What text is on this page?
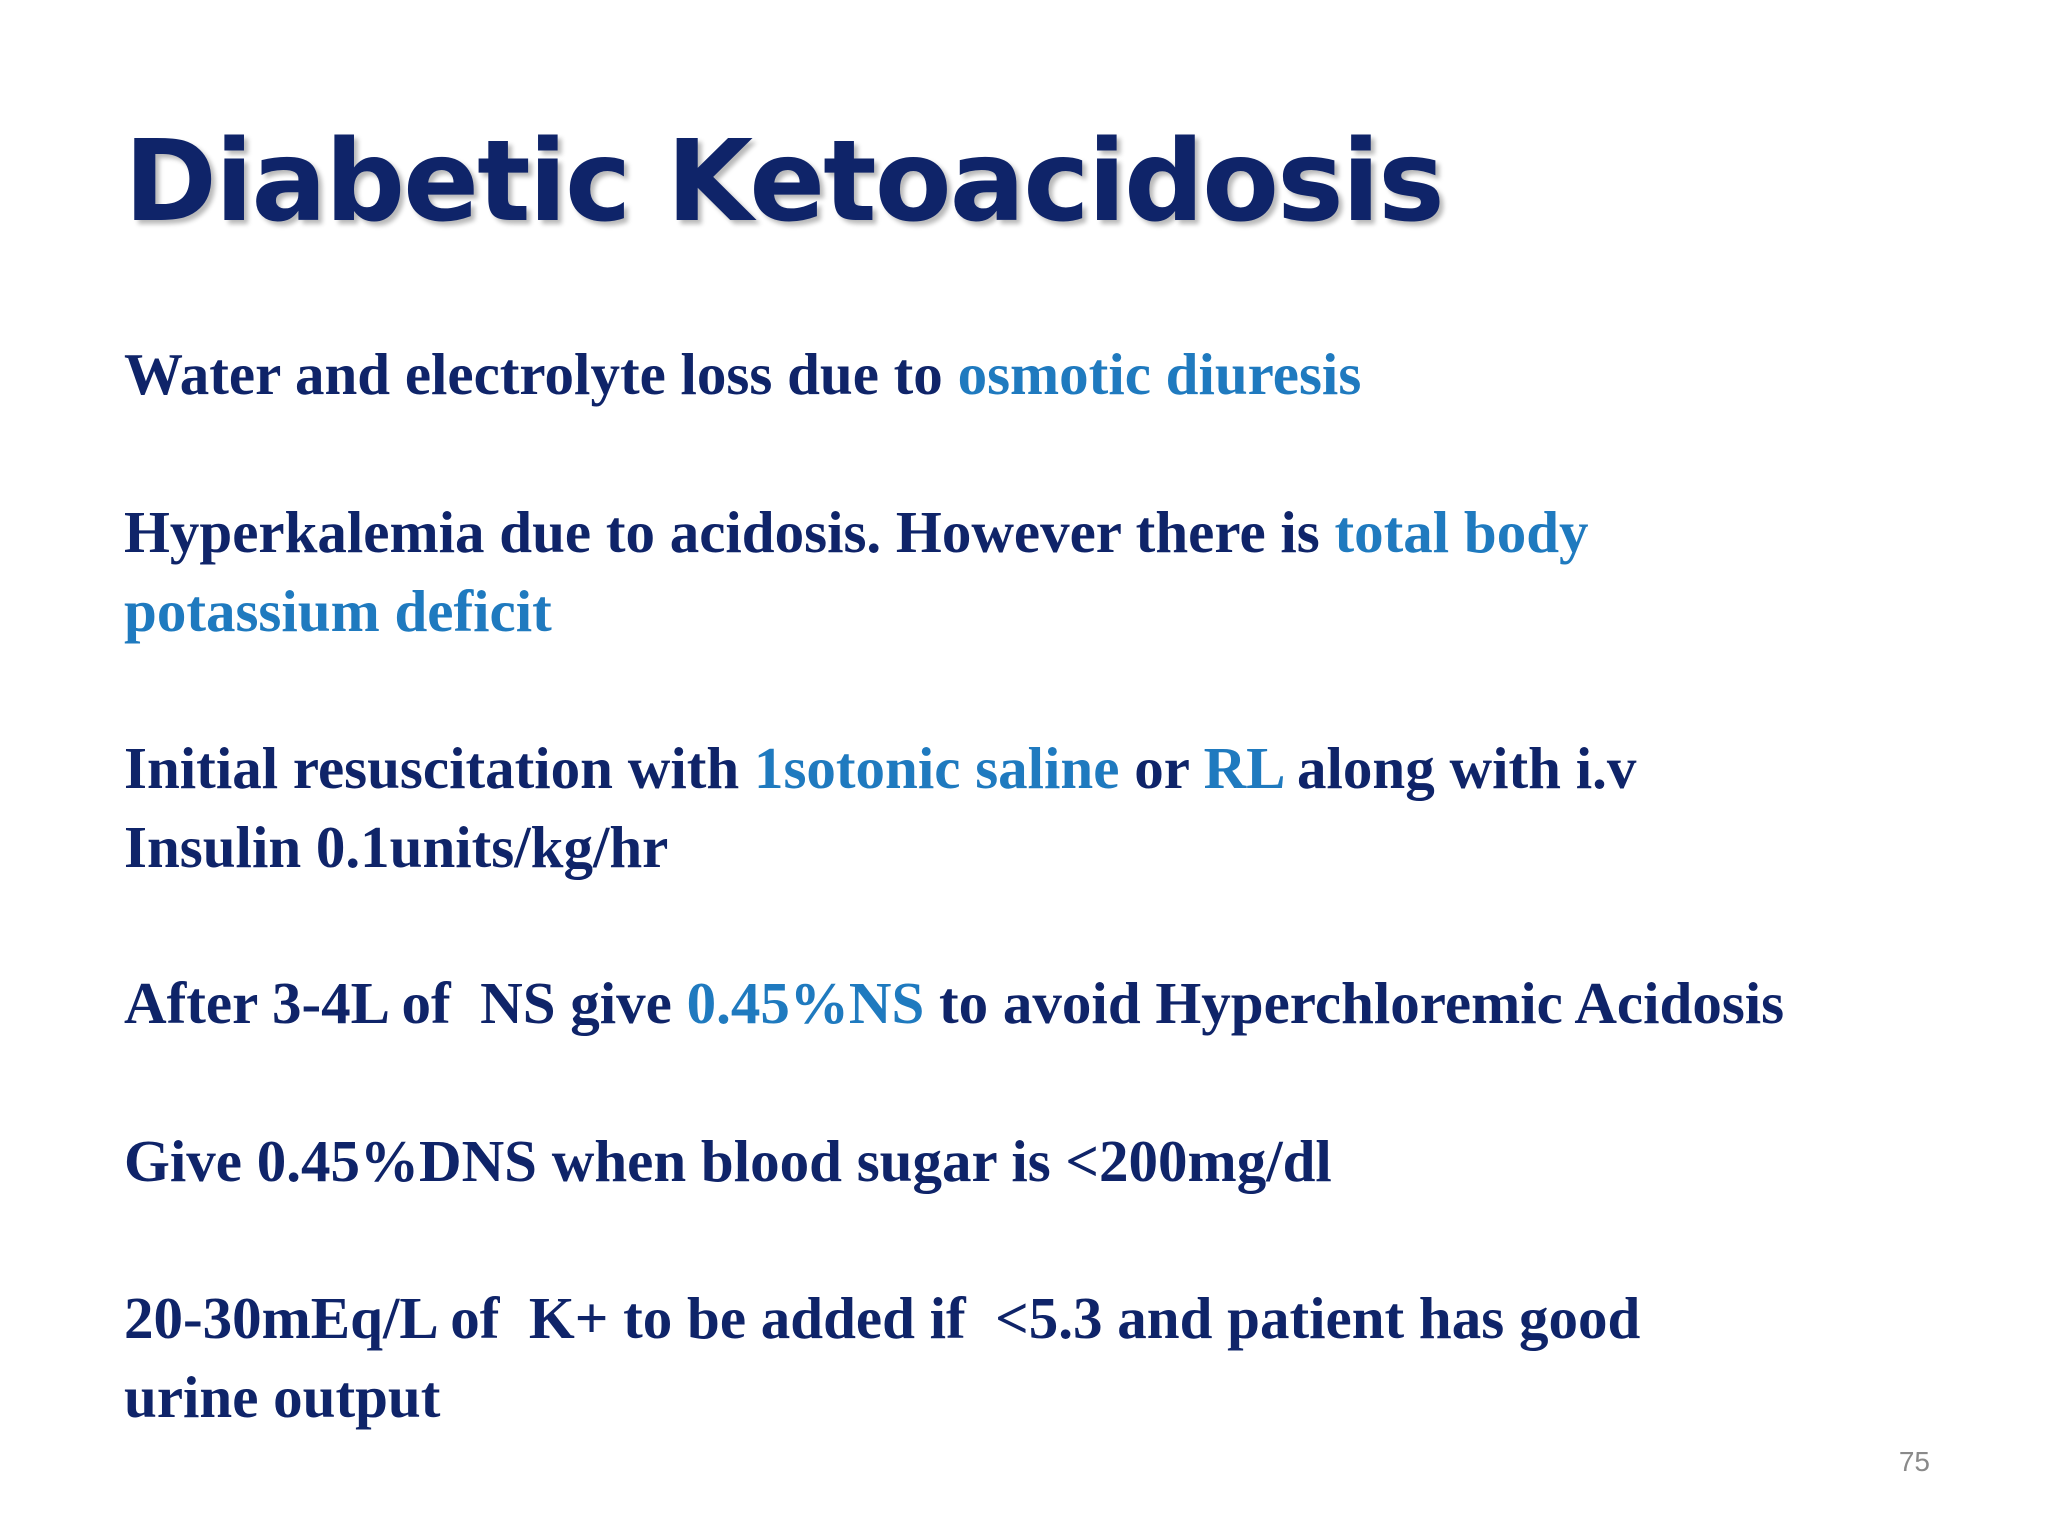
Diabetic Ketoacidosis

Water and electrolyte loss due to osmotic diuresis

Hyperkalemia due to acidosis. However there is total body
potassium deficit

Initial resuscitation with 1sotonic saline or RL along with i.v
Insulin 0.1units/kg/hr

After 3-4L of  NS give 0.45%NS to avoid Hyperchloremic Acidosis

Give 0.45%DNS when blood sugar is <200mg/dl

20-30mEq/L of  K+ to be added if  <5.3 and patient has good
urine output

75
